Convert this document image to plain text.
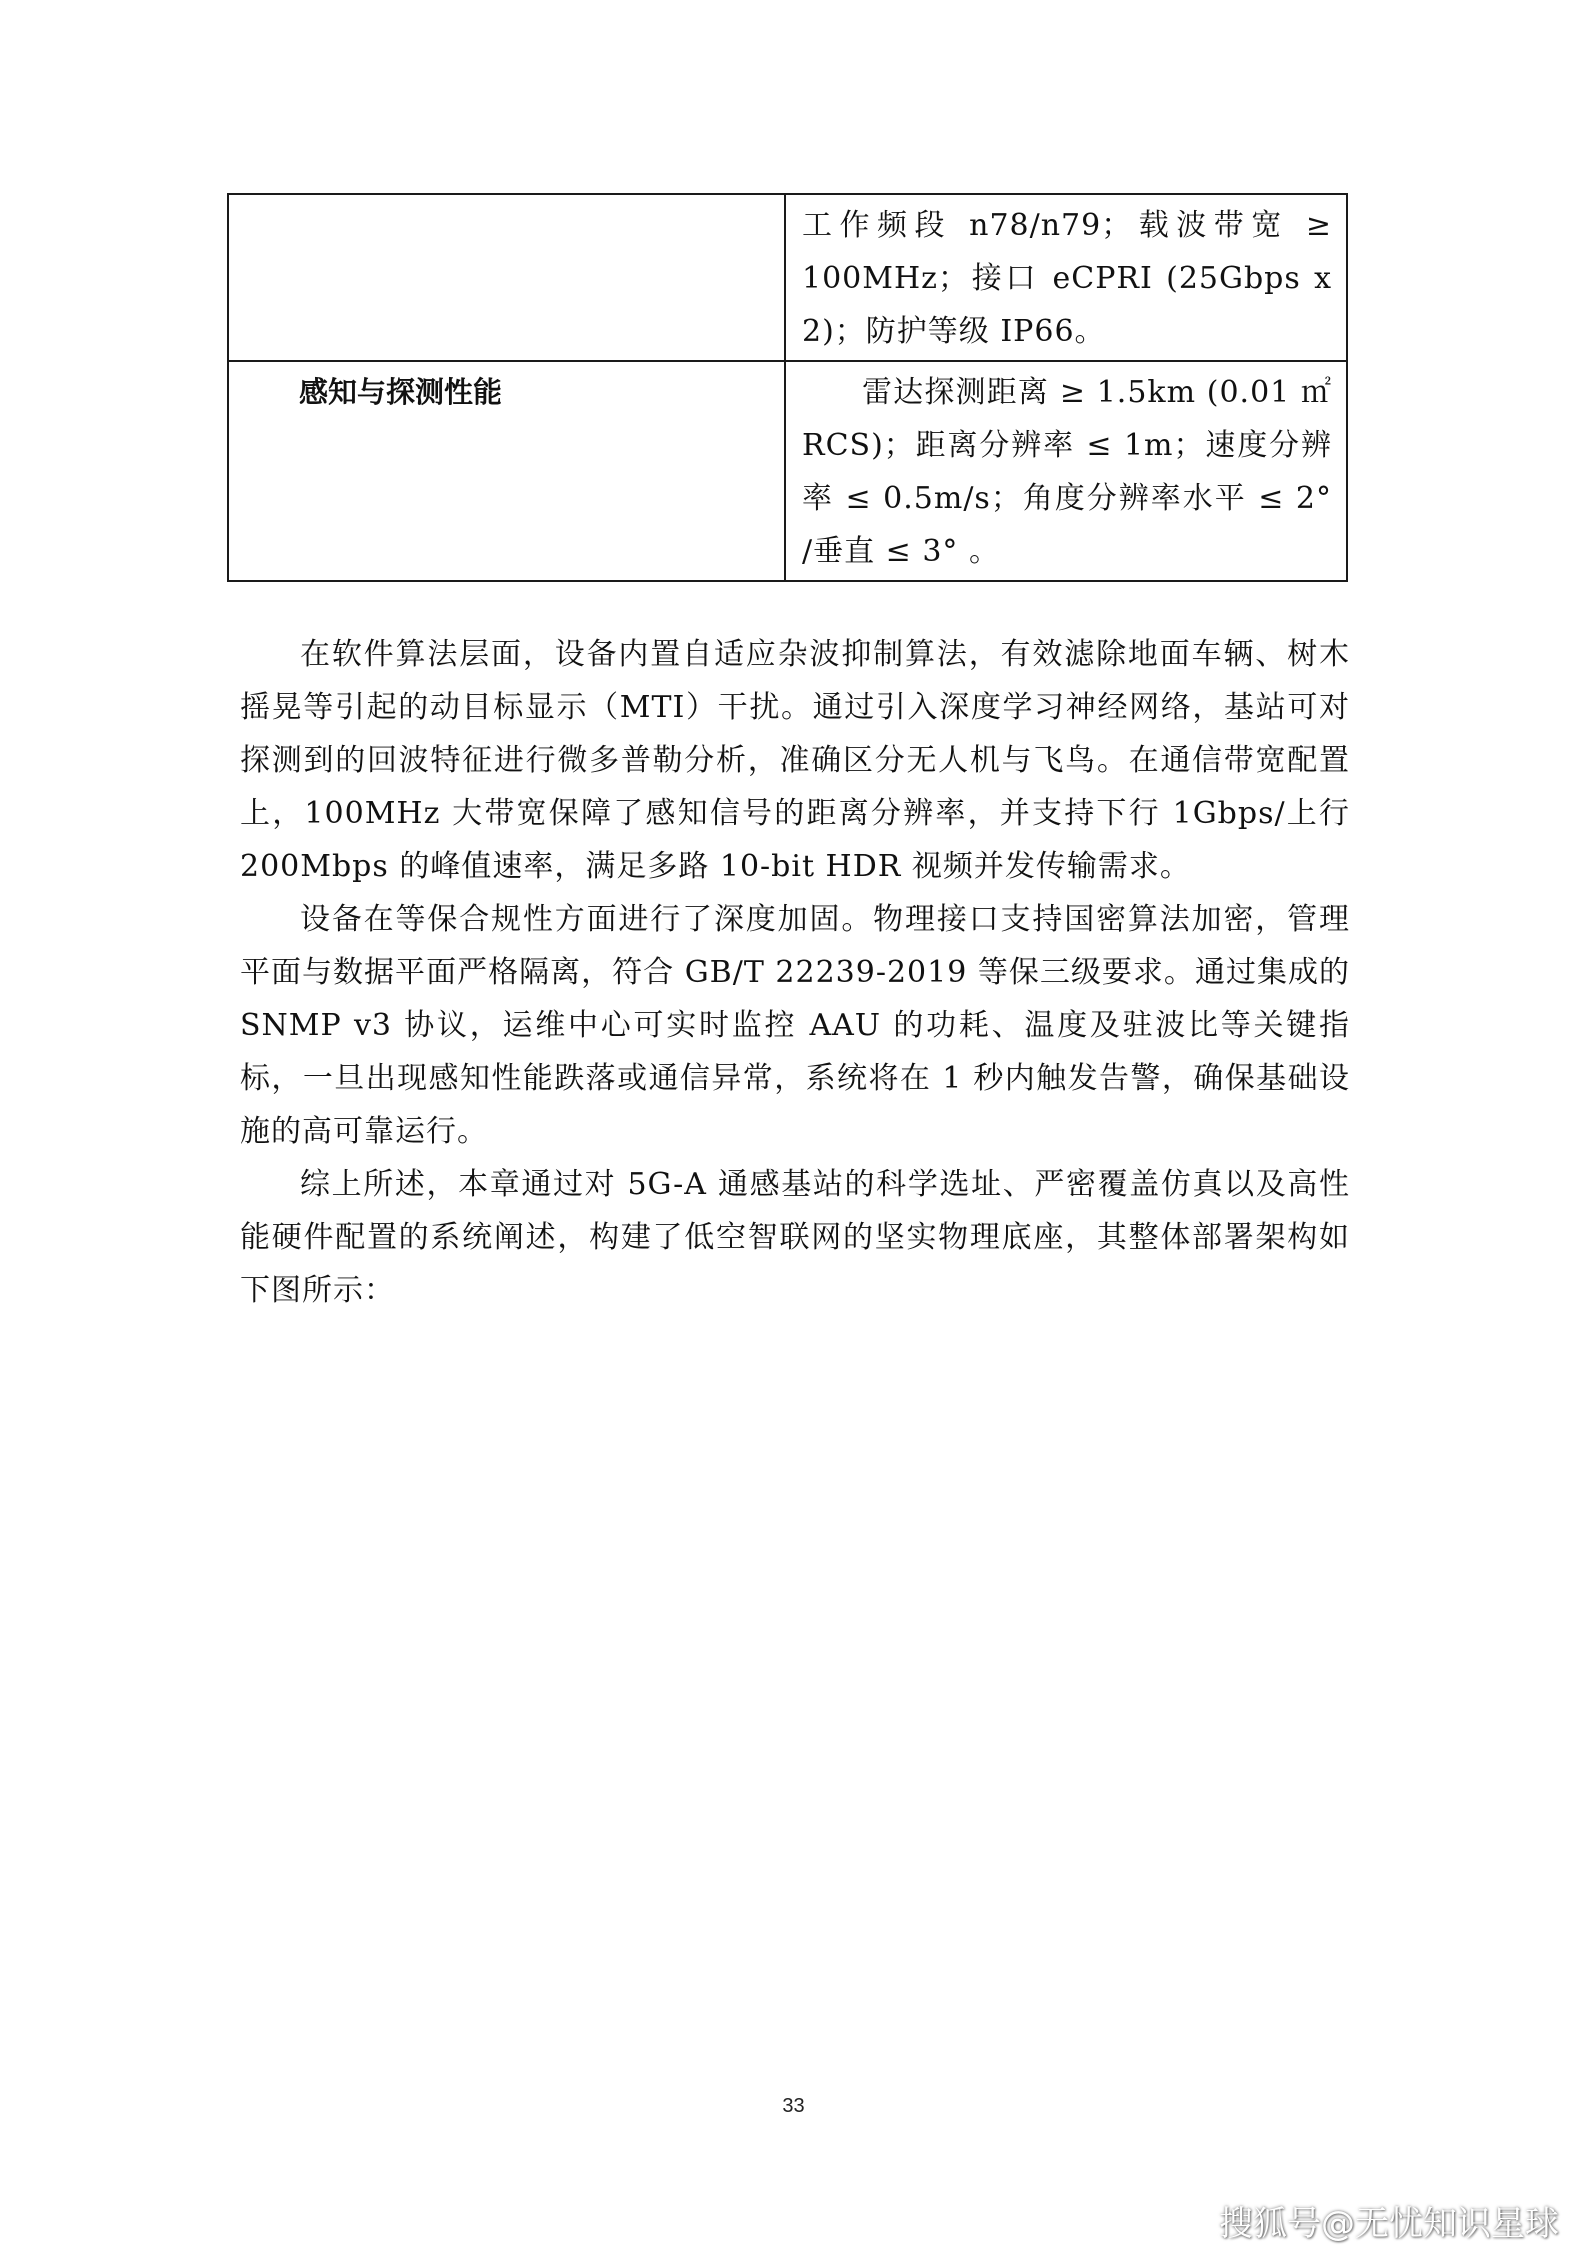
	工作频段 n78/n79；载波带宽 ≥ 100MHz；接口 eCPRI (25Gbps x 2)；防护等级 IP66。

感知与探测性能	雷达探测距离 ≥ 1.5km (0.01 ㎡ RCS)；距离分辨率 ≤ 1m；速度分辨率 ≤ 0.5m/s；角度分辨率水平 ≤ 2° /垂直 ≤ 3° 。

在软件算法层面，设备内置自适应杂波抑制算法，有效滤除地面车辆、树木摇晃等引起的动目标显示（MTI）干扰。通过引入深度学习神经网络，基站可对探测到的回波特征进行微多普勒分析，准确区分无人机与飞鸟。在通信带宽配置上，100MHz 大带宽保障了感知信号的距离分辨率，并支持下行 1Gbps/上行 200Mbps 的峰值速率，满足多路 10-bit HDR 视频并发传输需求。

设备在等保合规性方面进行了深度加固。物理接口支持国密算法加密，管理平面与数据平面严格隔离，符合 GB/T 22239-2019 等保三级要求。通过集成的 SNMP v3 协议，运维中心可实时监控 AAU 的功耗、温度及驻波比等关键指标，一旦出现感知性能跌落或通信异常，系统将在 1 秒内触发告警，确保基础设施的高可靠运行。

综上所述，本章通过对 5G-A 通感基站的科学选址、严密覆盖仿真以及高性能硬件配置的系统阐述，构建了低空智联网的坚实物理底座，其整体部署架构如下图所示：

33
搜狐号@无忧知识星球
